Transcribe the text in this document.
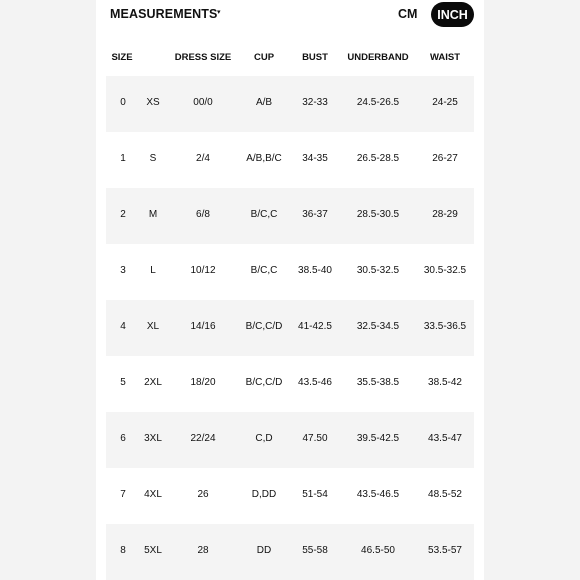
MEASUREMENTS ▾	CM	INCH
SIZE	DRESS SIZE CUP	BUST UNDERBAND WAIST
0 XS	00/0	A/B	32-33	24.5-26.5	24-25
1 S	2/4	A/B,B/C 34-35	26.5-28.5	26-27
2 M	6/8	B/C,C 36-37	28.5-30.5	28-29
3 L	10/12	B/C,C 38.5-40 30.5-32.5 30.5-32.5
4 XL	14/16	B/C,C/D 41-42.5 32.5-34.5 33.5-36.5
5 2XL	18/20	B/C,C/D 43.5-46 35.5-38.5	38.5-42
6 3XL	22/24	C,D	47.50	39.5-42.5	43.5-47
7 4XL	26	D,DD	51-54	43.5-46.5	48.5-52
8 5XL	28	DD	55-58	46.5-50	53.5-57
